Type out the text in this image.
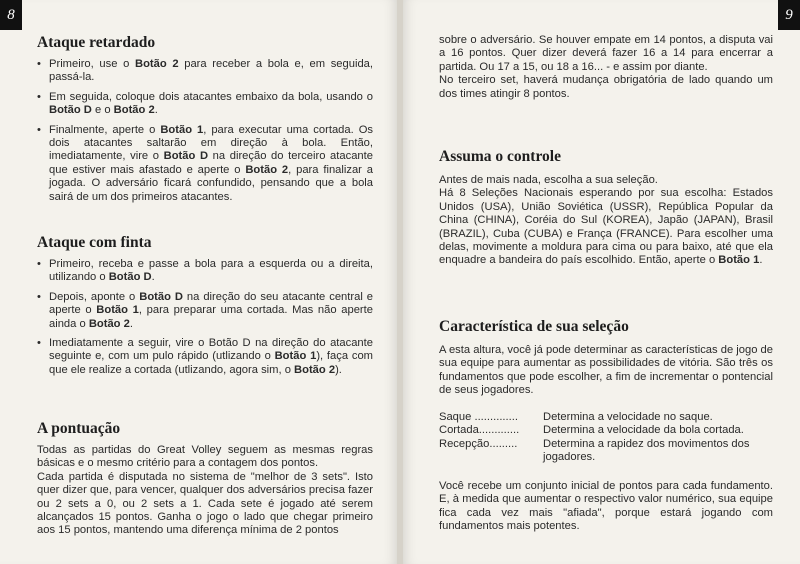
8
Ataque retardado
• Primeiro, use o Botão 2 para receber a bola e, em seguida, passá-la.
• Em seguida, coloque dois atacantes embaixo da bola, usando o Botão D e o Botão 2.
• Finalmente, aperte o Botão 1, para executar uma cortada. Os dois atacantes saltarão em direção à bola. Então, imediatamente, vire o Botão D na direção do terceiro atacante que estiver mais afastado e aperte o Botão 2, para finalizar a jogada. O adversário ficará confundido, pensando que a bola sairá de um dos primeiros atacantes.
Ataque com finta
• Primeiro, receba e passe a bola para a esquerda ou a direita, utilizando o Botão D.
• Depois, aponte o Botão D na direção do seu atacante central e aperte o Botão 1, para preparar uma cortada. Mas não aperte ainda o Botão 2.
• Imediatamente a seguir, vire o Botão D na direção do atacante seguinte e, com um pulo rápido (utlizando o Botão 1), faça com que ele realize a cortada (utlizando, agora sim, o Botão 2).
A pontuação

Todas as partidas do Great Volley seguem as mesmas regras básicas e o mesmo critério para a contagem dos pontos.

Cada partida é disputada no sistema de "melhor de 3 sets". Isto quer dizer que, para vencer, qualquer dos adversários precisa fazer ou 2 sets a 0, ou 2 sets a 1. Cada sete é jogado até serem alcançados 15 pontos. Ganha o jogo o lado que chegar primeiro aos 15 pontos, mantendo uma diferença mínima de 2 pontos

9

sobre o adversário. Se houver empate em 14 pontos, a disputa vai a 16 pontos. Quer dizer deverá fazer 16 a 14 para encerrar a partida. Ou 17 a 15, ou 18 a 16... - e assim por diante.

No terceiro set, haverá mudança obrigatória de lado quando um dos times atingir 8 pontos.

Assuma o controle

Antes de mais nada, escolha a sua seleção.

Há 8 Seleções Nacionais esperando por sua escolha: Estados Unidos (USA), União Soviética (USSR), República Popular da China (CHINA), Coréia do Sul (KOREA), Japão (JAPAN), Brasil (BRAZIL), Cuba (CUBA) e França (FRANCE). Para escolher uma delas, movimente a moldura para cima ou para baixo, até que ela enquadre a bandeira do país escolhido. Então, aperte o Botão 1.

Característica de sua seleção
A esta altura, você já pode determinar as características de jogo de sua equipe para aumentar as possibilidades de vitória. São três os fundamentos que pode escolher, a fim de incrementar o pontencial de seus jogadores.
Saque ..............	Determina a velocidade no saque.
Cortada.............	Determina a velocidade da bola cortada.
Recepção.........	Determina a rapidez dos movimentos dos jogadores.
Você recebe um conjunto inicial de pontos para cada fundamento. E, à medida que aumentar o respectivo valor numérico, sua equipe fica cada vez mais "afiada", porque estará jogando com fundamentos mais potentes.
